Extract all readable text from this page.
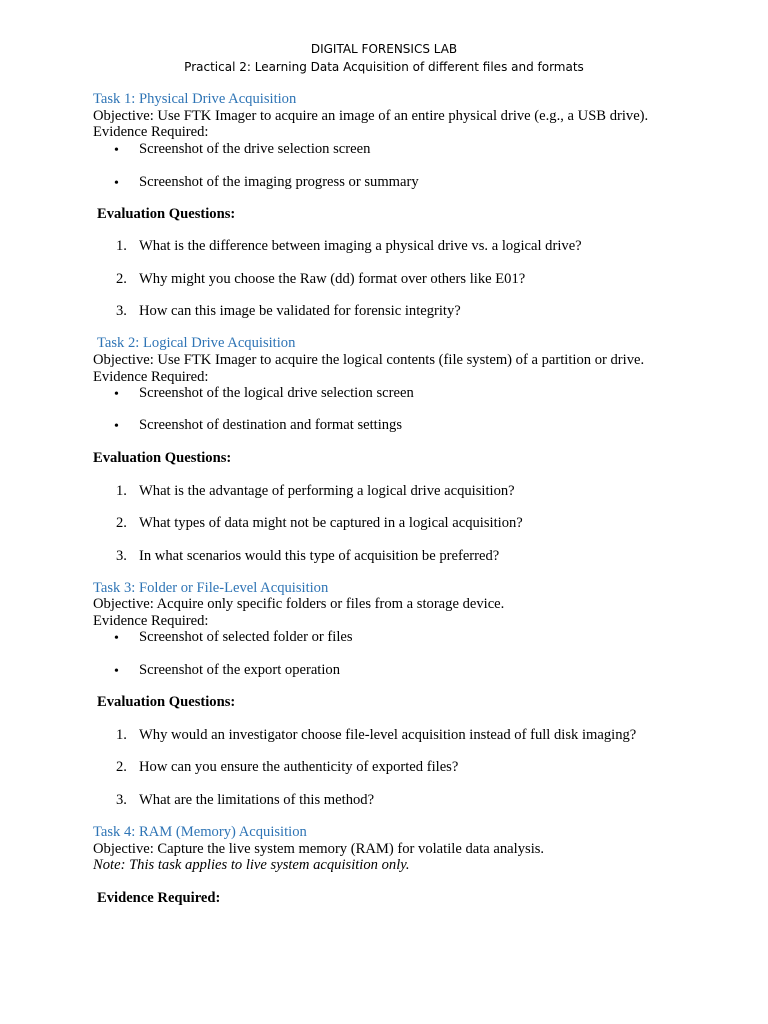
DIGITAL FORENSICS LAB
Practical 2: Learning Data Acquisition of different files and formats
Task 1: Physical Drive Acquisition
Objective: Use FTK Imager to acquire an image of an entire physical drive (e.g., a USB drive).
Evidence Required:
• Screenshot of the drive selection screen
• Screenshot of the imaging progress or summary
Evaluation Questions:
1. What is the difference between imaging a physical drive vs. a logical drive?
2. Why might you choose the Raw (dd) format over others like E01?
3. How can this image be validated for forensic integrity?
Task 2: Logical Drive Acquisition
Objective: Use FTK Imager to acquire the logical contents (file system) of a partition or drive.
Evidence Required:
• Screenshot of the logical drive selection screen
• Screenshot of destination and format settings
Evaluation Questions:
1. What is the advantage of performing a logical drive acquisition?
2. What types of data might not be captured in a logical acquisition?
3. In what scenarios would this type of acquisition be preferred?
Task 3: Folder or File-Level Acquisition
Objective: Acquire only specific folders or files from a storage device.
Evidence Required:
• Screenshot of selected folder or files
• Screenshot of the export operation
Evaluation Questions:
1. Why would an investigator choose file-level acquisition instead of full disk imaging?
2. How can you ensure the authenticity of exported files?
3. What are the limitations of this method?
Task 4: RAM (Memory) Acquisition
Objective: Capture the live system memory (RAM) for volatile data analysis.
Note: This task applies to live system acquisition only.
Evidence Required:
